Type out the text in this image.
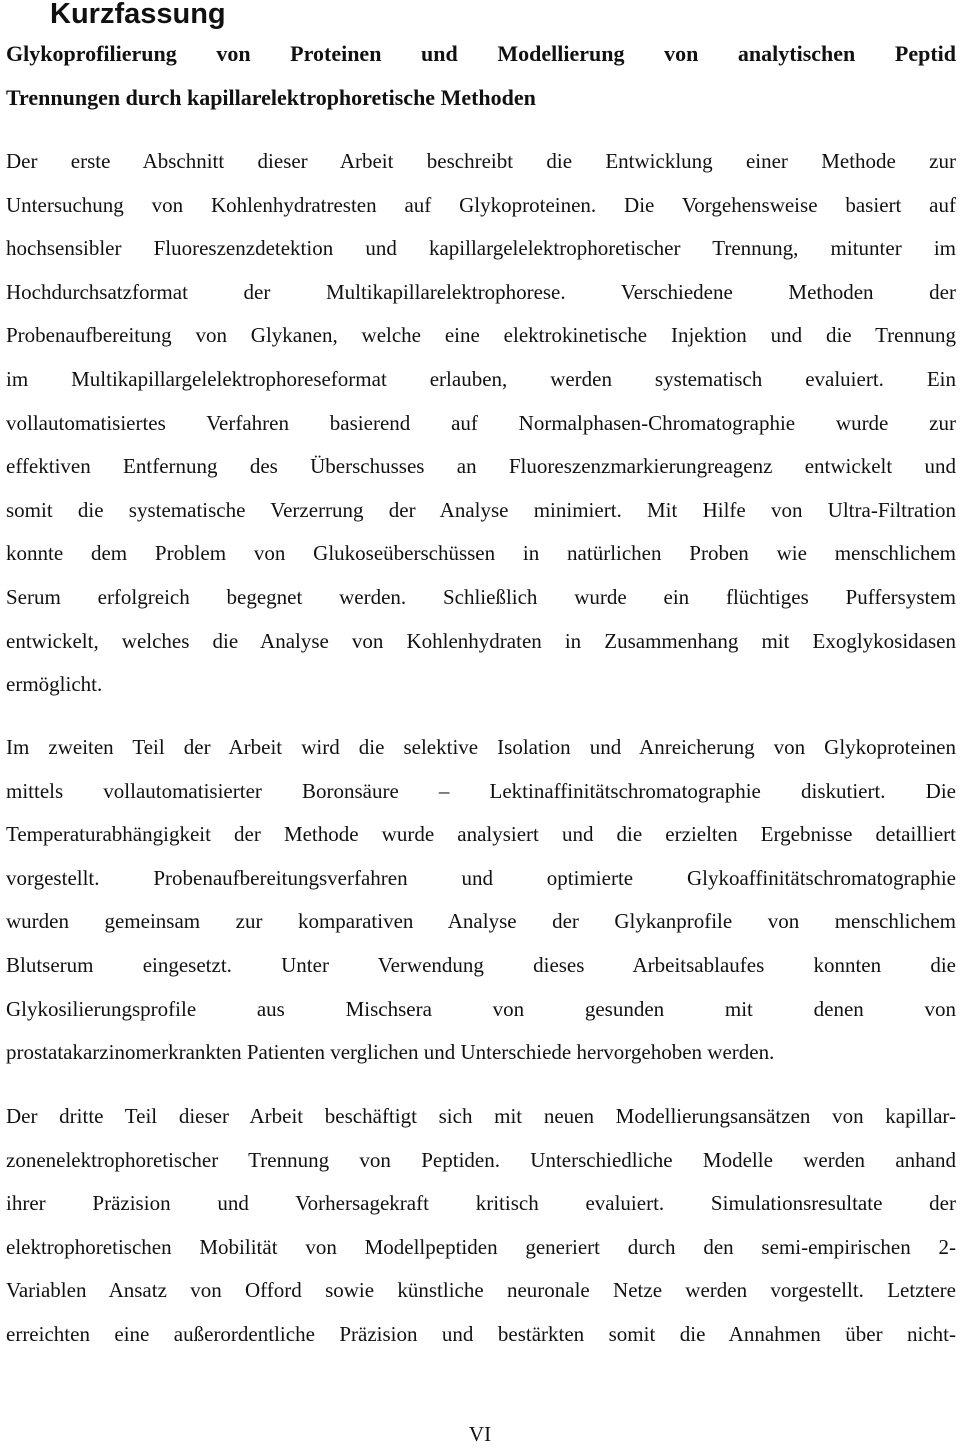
Kurzfassung
Glykoprofilierung von Proteinen und Modellierung von analytischen Peptid
Trennungen durch kapillarelektrophoretische Methoden
Der erste Abschnitt dieser Arbeit beschreibt die Entwicklung einer Methode zur
Untersuchung von Kohlenhydratresten auf Glykoproteinen. Die Vorgehensweise basiert auf
hochsensibler Fluoreszenzdetektion und kapillargelelektrophoretischer Trennung, mitunter im
Hochdurchsatzformat der Multikapillarelektrophorese. Verschiedene Methoden der
Probenaufbereitung von Glykanen, welche eine elektrokinetische Injektion und die Trennung
im Multikapillargelelektrophoreseformat erlauben, werden systematisch evaluiert. Ein
vollautomatisiertes Verfahren basierend auf Normalphasen-Chromatographie wurde zur
effektiven Entfernung des Überschusses an Fluoreszenzmarkierungreagenz entwickelt und
somit die systematische Verzerrung der Analyse minimiert. Mit Hilfe von Ultra-Filtration
konnte dem Problem von Glukoseüberschüssen in natürlichen Proben wie menschlichem
Serum erfolgreich begegnet werden. Schließlich wurde ein flüchtiges Puffersystem
entwickelt, welches die Analyse von Kohlenhydraten in Zusammenhang mit Exoglykosidasen
ermöglicht.
Im zweiten Teil der Arbeit wird die selektive Isolation und Anreicherung von Glykoproteinen
mittels vollautomatisierter Boronsäure – Lektinaffinitätschromatographie diskutiert. Die
Temperaturabhängigkeit der Methode wurde analysiert und die erzielten Ergebnisse detailliert
vorgestellt. Probenaufbereitungsverfahren und optimierte Glykoaffinitätschromatographie
wurden gemeinsam zur komparativen Analyse der Glykanprofile von menschlichem
Blutserum eingesetzt. Unter Verwendung dieses Arbeitsablaufes konnten die
Glykosilierungsprofile aus Mischsera von gesunden mit denen von
prostatakarzinomerkrankten Patienten verglichen und Unterschiede hervorgehoben werden.
Der dritte Teil dieser Arbeit beschäftigt sich mit neuen Modellierungsansätzen von kapillar-
zonenelektrophoretischer Trennung von Peptiden. Unterschiedliche Modelle werden anhand
ihrer Präzision und Vorhersagekraft kritisch evaluiert. Simulationsresultate der
elektrophoretischen Mobilität von Modellpeptiden generiert durch den semi-empirischen 2-
Variablen Ansatz von Offord sowie künstliche neuronale Netze werden vorgestellt. Letztere
erreichten eine außerordentliche Präzision und bestärkten somit die Annahmen über nicht-

VI
